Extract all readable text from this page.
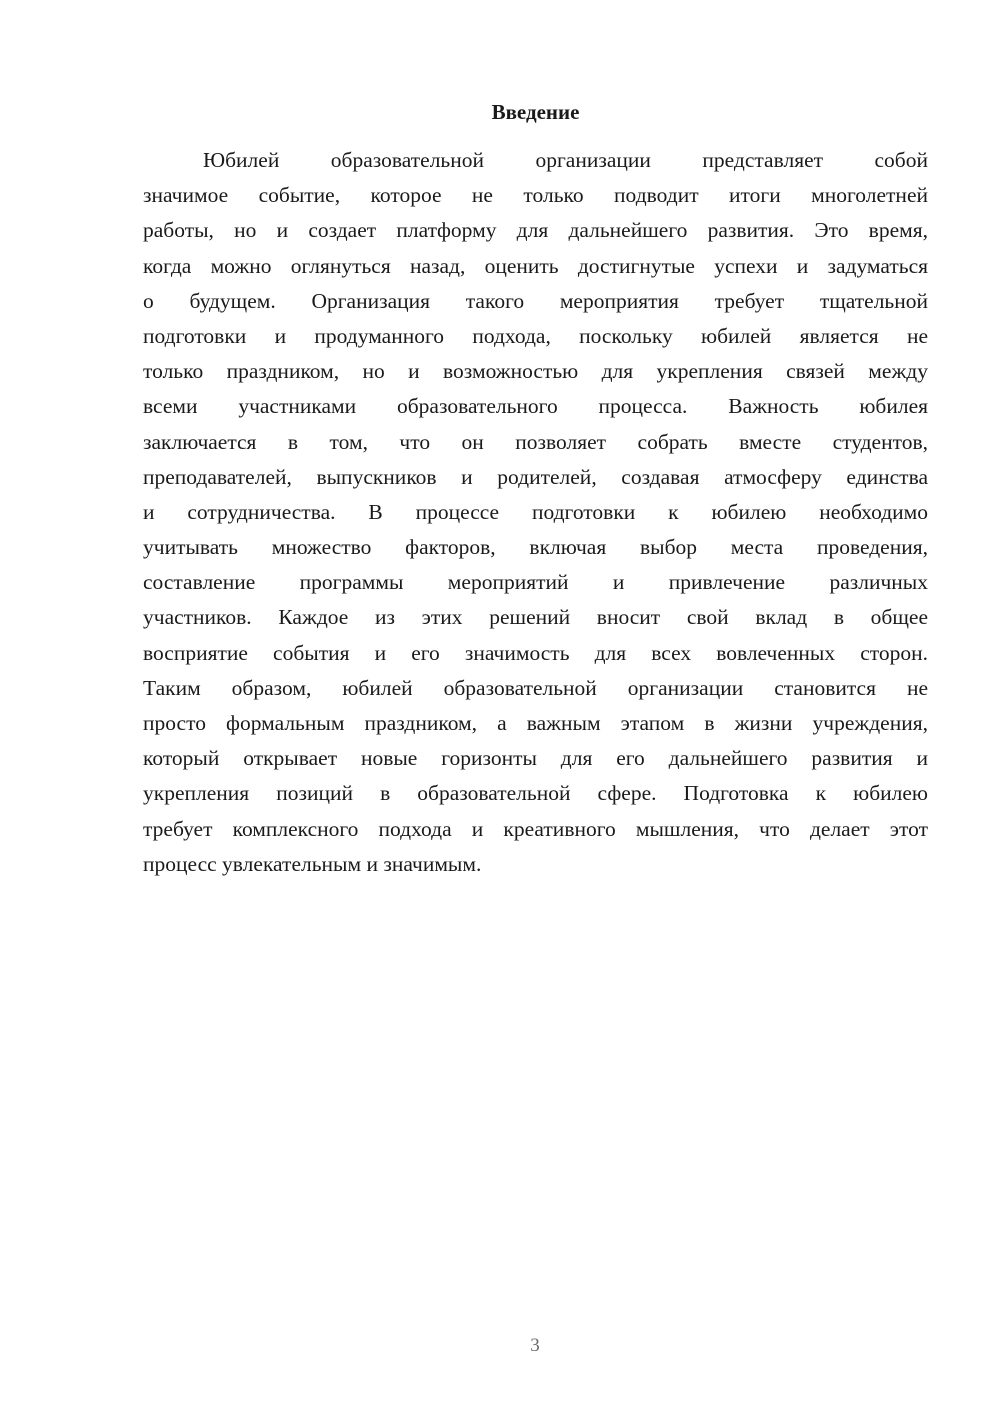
Введение
Юбилей образовательной организации представляет собой
значимое событие, которое не только подводит итоги многолетней
работы, но и создает платформу для дальнейшего развития. Это время,
когда можно оглянуться назад, оценить достигнутые успехи и задуматься
о будущем. Организация такого мероприятия требует тщательной
подготовки и продуманного подхода, поскольку юбилей является не
только праздником, но и возможностью для укрепления связей между
всеми участниками образовательного процесса. Важность юбилея
заключается в том, что он позволяет собрать вместе студентов,
преподавателей, выпускников и родителей, создавая атмосферу единства
и сотрудничества. В процессе подготовки к юбилею необходимо
учитывать множество факторов, включая выбор места проведения,
составление программы мероприятий и привлечение различных
участников. Каждое из этих решений вносит свой вклад в общее
восприятие события и его значимость для всех вовлеченных сторон.
Таким образом, юбилей образовательной организации становится не
просто формальным праздником, а важным этапом в жизни учреждения,
который открывает новые горизонты для его дальнейшего развития и
укрепления позиций в образовательной сфере. Подготовка к юбилею
требует комплексного подхода и креативного мышления, что делает этот
процесс увлекательным и значимым.
3
